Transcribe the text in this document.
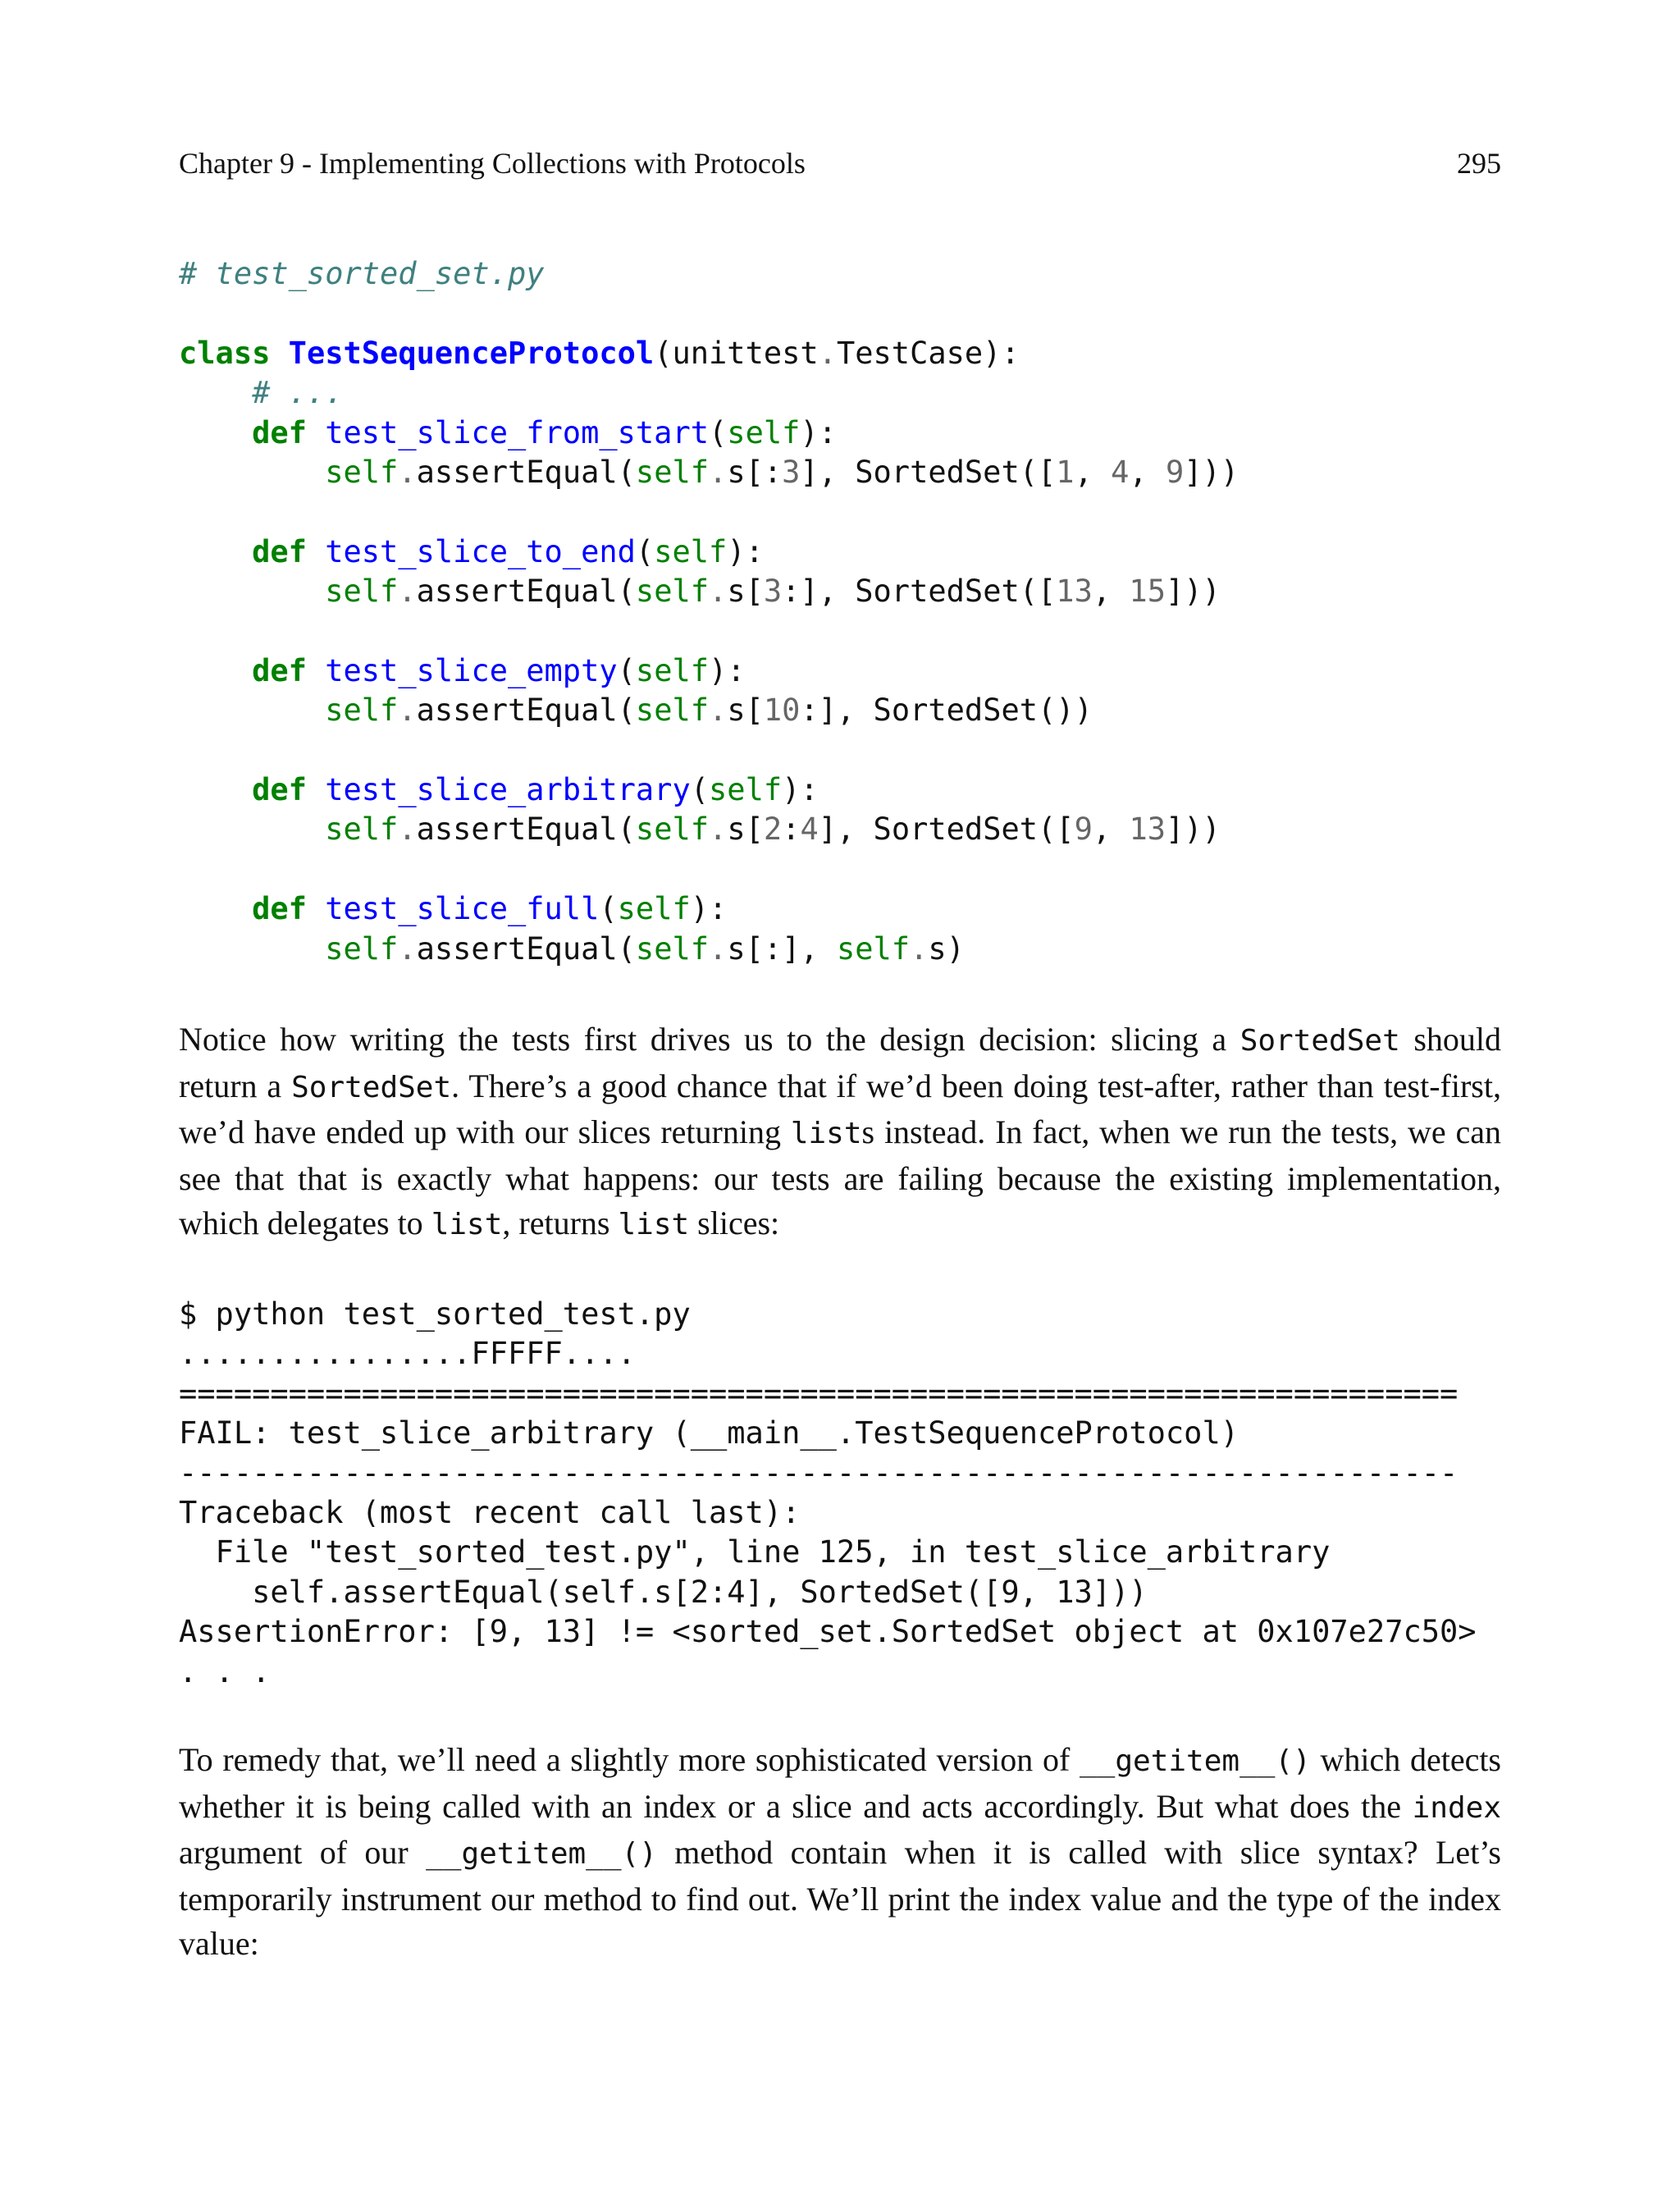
Chapter 9 - Implementing Collections with Protocols	295
# test_sorted_set.py

class TestSequenceProtocol(unittest.TestCase):
# ...
def test_slice_from_start(self):
self.assertEqual(self.s[:3], SortedSet([1, 4, 9]))

def test_slice_to_end(self):
self.assertEqual(self.s[3:], SortedSet([13, 15]))

def test_slice_empty(self):
self.assertEqual(self.s[10:], SortedSet())

def test_slice_arbitrary(self):
self.assertEqual(self.s[2:4], SortedSet([9, 13]))

def test_slice_full(self):
self.assertEqual(self.s[:], self.s)

Notice how writing the tests first drives us to the design decision: slicing a SortedSet should return a SortedSet. There’s a good chance that if we’d been doing test-after, rather than test-first, we’d have ended up with our slices returning lists instead. In fact, when we run the tests, we can see that that is exactly what happens: our tests are failing because the existing implementation, which delegates to list, returns list slices:

$ python test_sorted_test.py
................FFFFF....
======================================================================
FAIL: test_slice_arbitrary (__main__.TestSequenceProtocol)
----------------------------------------------------------------------
Traceback (most recent call last):
File "test_sorted_test.py", line 125, in test_slice_arbitrary
self.assertEqual(self.s[2:4], SortedSet([9, 13]))
AssertionError: [9, 13] != <sorted_set.SortedSet object at 0x107e27c50>
. . .

To remedy that, we’ll need a slightly more sophisticated version of __getitem__() which detects whether it is being called with an index or a slice and acts accordingly. But what does the index argument of our __getitem__() method contain when it is called with slice syntax? Let’s temporarily instrument our method to find out. We’ll print the index value and the type of the index value:
